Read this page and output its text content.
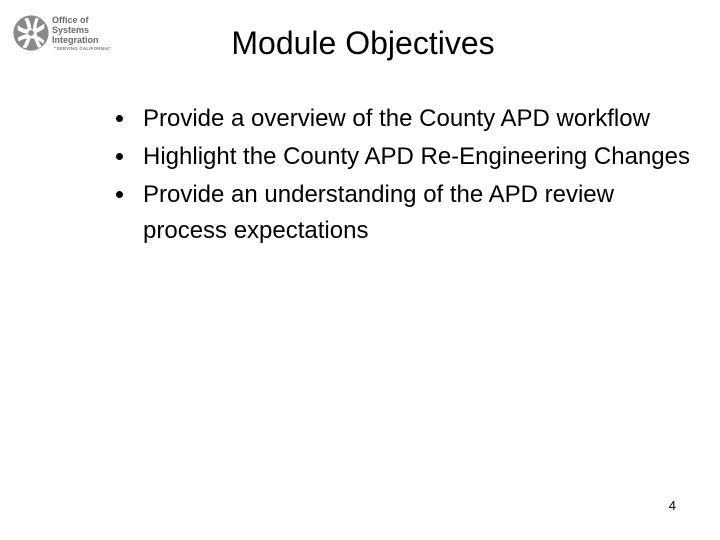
Office of
Systems
Integration
"SERVING CALIFORNIA"	Module Objectives
Provide a overview of the County APD workflow
Highlight the County APD Re-Engineering Changes
Provide an understanding of the APD review process expectations
4
